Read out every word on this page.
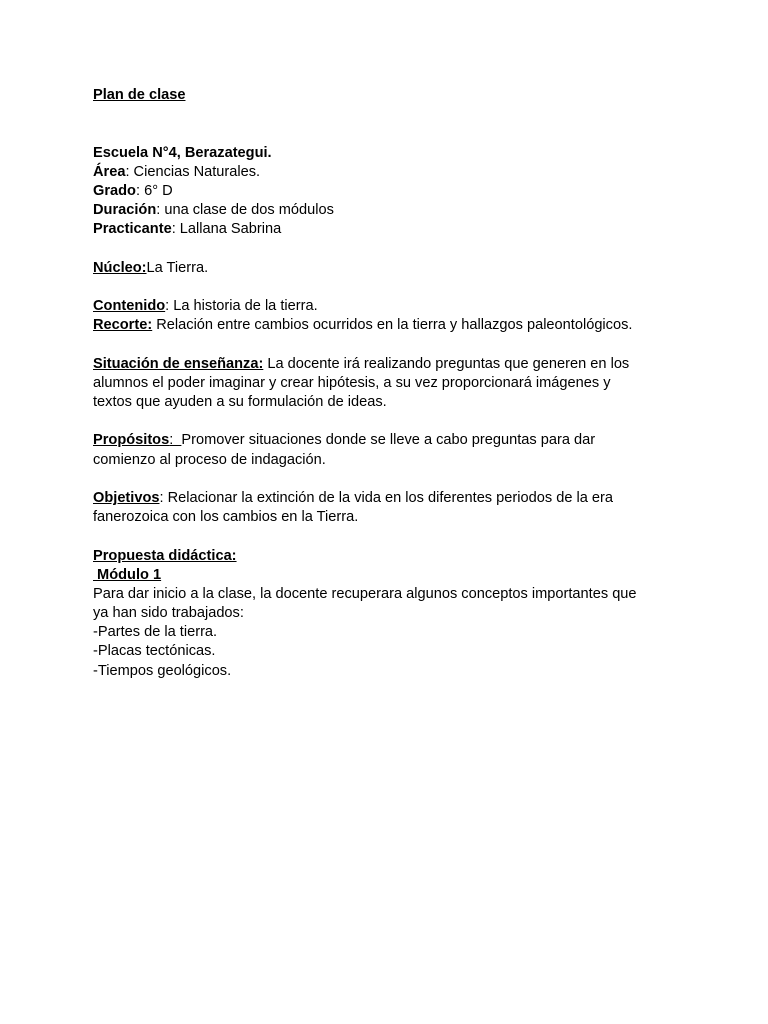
Plan de clase
Escuela N°4, Berazategui.
Área: Ciencias Naturales.
Grado: 6° D
Duración: una clase de dos módulos
Practicante: Lallana Sabrina
Núcleo:La Tierra.
Contenido: La historia de la tierra.
Recorte: Relación entre cambios ocurridos en la tierra y hallazgos paleontológicos.
Situación de enseñanza: La docente irá realizando preguntas que generen en los
alumnos el poder imaginar y crear hipótesis, a su vez proporcionará imágenes y
textos que ayuden a su formulación de ideas.
Propósitos:  Promover situaciones donde se lleve a cabo preguntas para dar
comienzo al proceso de indagación.
Objetivos: Relacionar la extinción de la vida en los diferentes periodos de la era
fanerozoica con los cambios en la Tierra.
Propuesta didáctica:
Módulo 1
Para dar inicio a la clase, la docente recuperara algunos conceptos importantes que
ya han sido trabajados:
-Partes de la tierra.
-Placas tectónicas.
-Tiempos geológicos.
